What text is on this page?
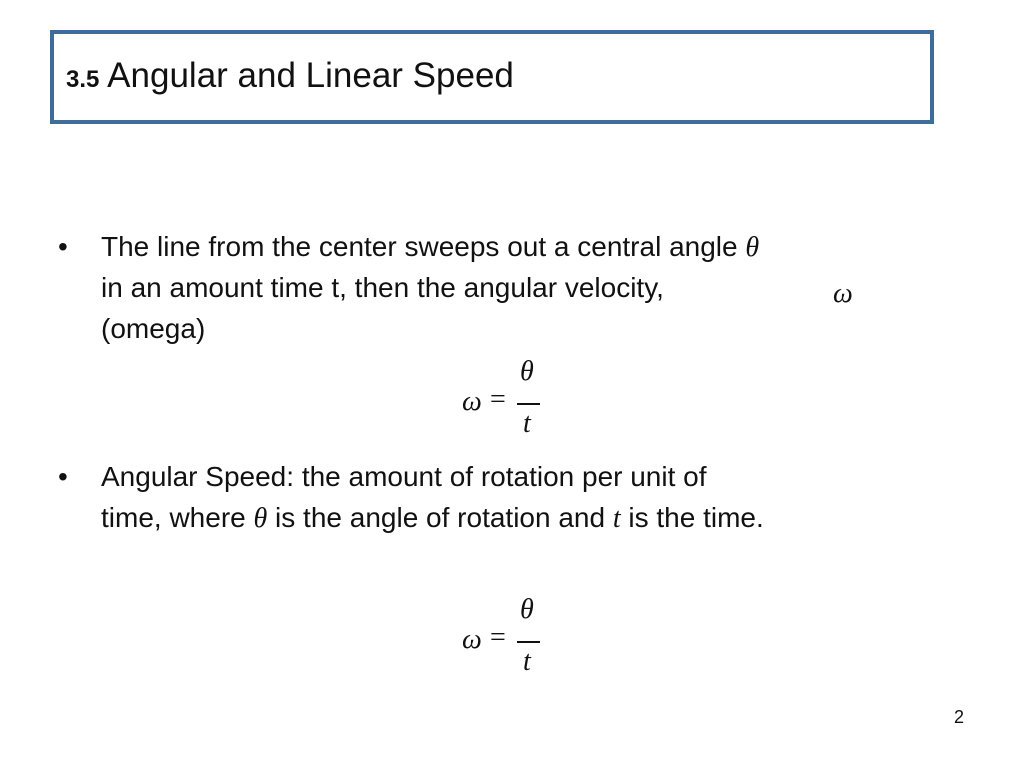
3.5 Angular and Linear Speed
• The line from the center sweeps out a central angle θ
in an amount time t, then the angular velocity,	ω
(omega)
ω =
θ
t
• Angular Speed: the amount of rotation per unit of
time, where θ is the angle of rotation and t is the time.
ω =
θ
t
2
